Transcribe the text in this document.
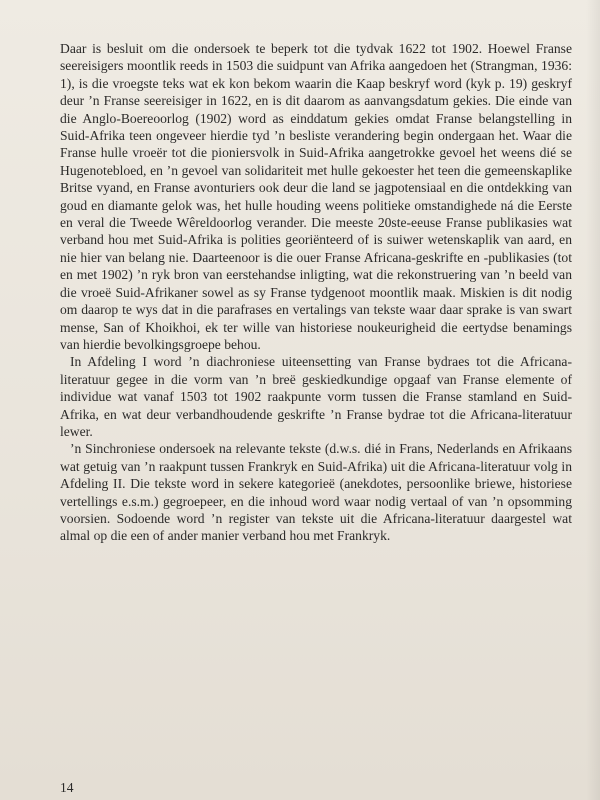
Daar is besluit om die ondersoek te beperk tot die tydvak 1622 tot 1902. Hoewel Franse seereisigers moontlik reeds in 1503 die suidpunt van Afrika aangedoen het (Strangman, 1936: 1), is die vroegste teks wat ek kon bekom waarin die Kaap beskryf word (kyk p. 19) geskryf deur ’n Franse seereisiger in 1622, en is dit daarom as aanvangsdatum gekies. Die einde van die Anglo-Boereoorlog (1902) word as einddatum gekies omdat Franse belangstelling in Suid-Afrika teen ongeveer hierdie tyd ’n besliste verandering begin ondergaan het. Waar die Franse hulle vroeër tot die pioniersvolk in Suid-Afrika aangetrokke gevoel het weens dié se Hugenotebloed, en ’n gevoel van solidariteit met hulle gekoester het teen die gemeenskaplike Britse vyand, en Franse avonturiers ook deur die land se jagpotensiaal en die ontdekking van goud en diamante gelok was, het hulle houding weens politieke omstandighede ná die Eerste en veral die Tweede Wêreldoorlog verander. Die meeste 20ste-eeuse Franse publikasies wat verband hou met Suid-Afrika is polities georiënteerd of is suiwer wetenskaplik van aard, en nie hier van belang nie. Daarteenoor is die ouer Franse Africana-geskrifte en -publikasies (tot en met 1902) ’n ryk bron van eerstehandse inligting, wat die rekonstruering van ’n beeld van die vroeë Suid-Afrikaner sowel as sy Franse tydgenoot moontlik maak. Miskien is dit nodig om daarop te wys dat in die parafrases en vertalings van tekste waar daar sprake is van swart mense, San of Khoikhoi, ek ter wille van historiese noukeurigheid die eertydse benamings van hierdie bevolkingsgroepe behou.

In Afdeling I word ’n diachroniese uiteensetting van Franse bydraes tot die Africana-literatuur gegee in die vorm van ’n breë geskiedkundige opgaaf van Franse elemente of individue wat vanaf 1503 tot 1902 raakpunte vorm tussen die Franse stamland en Suid-Afrika, en wat deur verbandhoudende geskrifte ’n Franse bydrae tot die Africana-literatuur lewer.

’n Sinchroniese ondersoek na relevante tekste (d.w.s. dié in Frans, Nederlands en Afrikaans wat getuig van ’n raakpunt tussen Frankryk en Suid-Afrika) uit die Africana-literatuur volg in Afdeling II. Die tekste word in sekere kategorieë (anekdotes, persoonlike briewe, historiese vertellings e.s.m.) gegroepeer, en die inhoud word waar nodig vertaal of van ’n opsomming voorsien. Sodoende word ’n register van tekste uit die Africana-literatuur daargestel wat almal op die een of ander manier verband hou met Frankryk.

14
